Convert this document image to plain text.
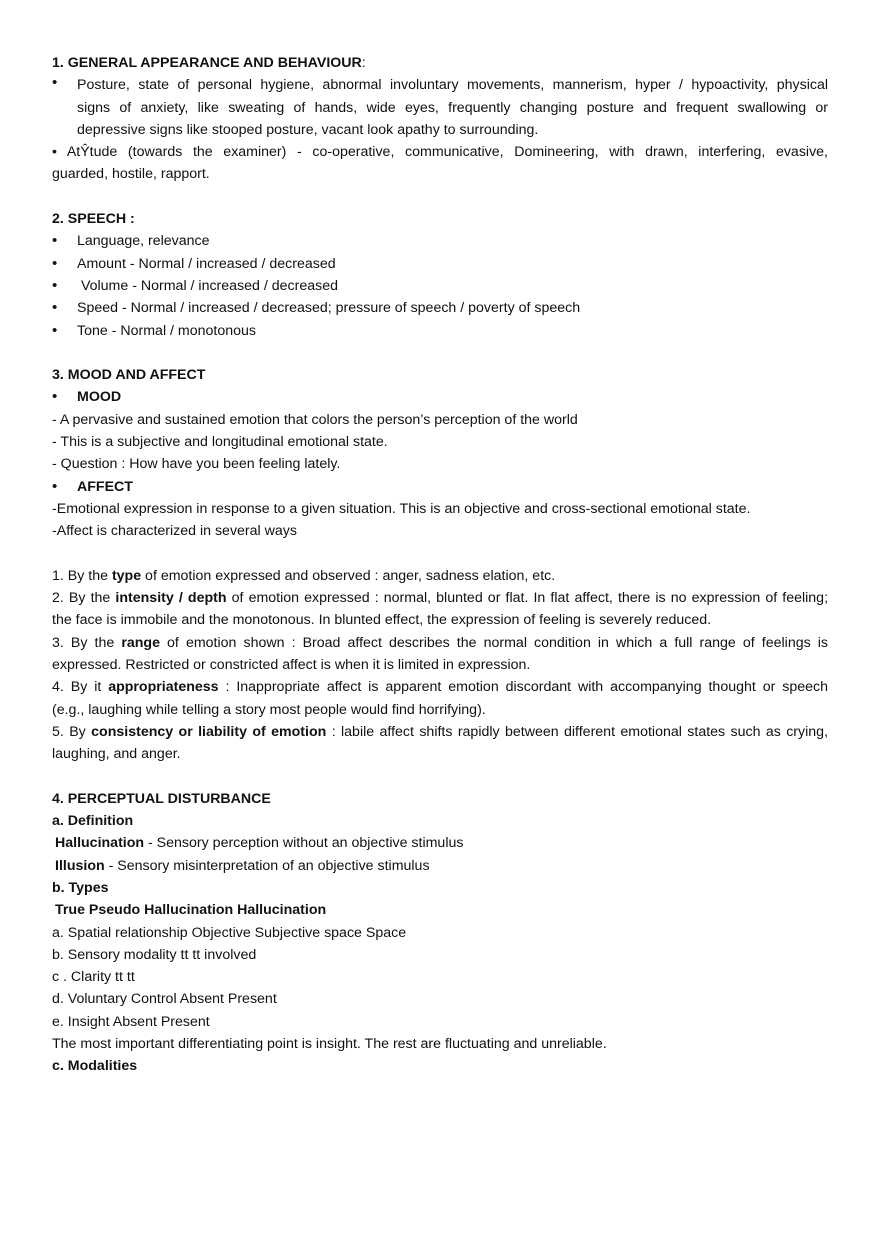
1. GENERAL APPEARANCE AND BEHAVIOUR:

• Posture, state of personal hygiene, abnormal involuntary movements, mannerism, hyper / hypoactivity, physical

signs of anxiety, like sweating of hands, wide eyes, frequently changing posture and frequent swallowing or

depressive signs like stooped posture, vacant look apathy to surrounding.

• AtŶtude (towards the examiner) - co-operative, communicative, Domineering, with drawn, interfering, evasive,

guarded, hostile, rapport.

2. SPEECH :

• Language, relevance

• Amount - Normal / increased / decreased

•  Volume - Normal / increased / decreased

• Speed - Normal / increased / decreased; pressure of speech / poverty of speech

• Tone - Normal / monotonous

3. MOOD AND AFFECT

• MOOD

- A pervasive and sustained emotion that colors the person’s perception of the world

- This is a subjective and longitudinal emotional state.

- Question : How have you been feeling lately.

• AFFECT

-Emotional expression in response to a given situation. This is an objective and cross-sectional emotional state.

-Affect is characterized in several ways

1. By the type of emotion expressed and observed : anger, sadness elation, etc.

2. By the intensity / depth of emotion expressed : normal, blunted or flat. In flat affect, there is no expression of feeling;

the face is immobile and the monotonous. In blunted effect, the expression of feeling is severely reduced.

3. By the range of emotion shown : Broad affect describes the normal condition in which a full range of feelings is

expressed. Restricted or constricted affect is when it is limited in expression.

4. By it appropriateness : Inappropriate affect is apparent emotion discordant with accompanying thought or speech

(e.g., laughing while telling a story most people would find horrifying).

5. By consistency or liability of emotion : labile affect shifts rapidly between different emotional states such as crying,

laughing, and anger.

4. PERCEPTUAL DISTURBANCE

a. Definition

Hallucination - Sensory perception without an objective stimulus

Illusion - Sensory misinterpretation of an objective stimulus

b. Types

True Pseudo Hallucination Hallucination

a. Spatial relationship Objective Subjective space Space

b. Sensory modality tt tt involved

c . Clarity tt tt

d. Voluntary Control Absent Present

e. Insight Absent Present

The most important differentiating point is insight. The rest are fluctuating and unreliable.

c. Modalities
